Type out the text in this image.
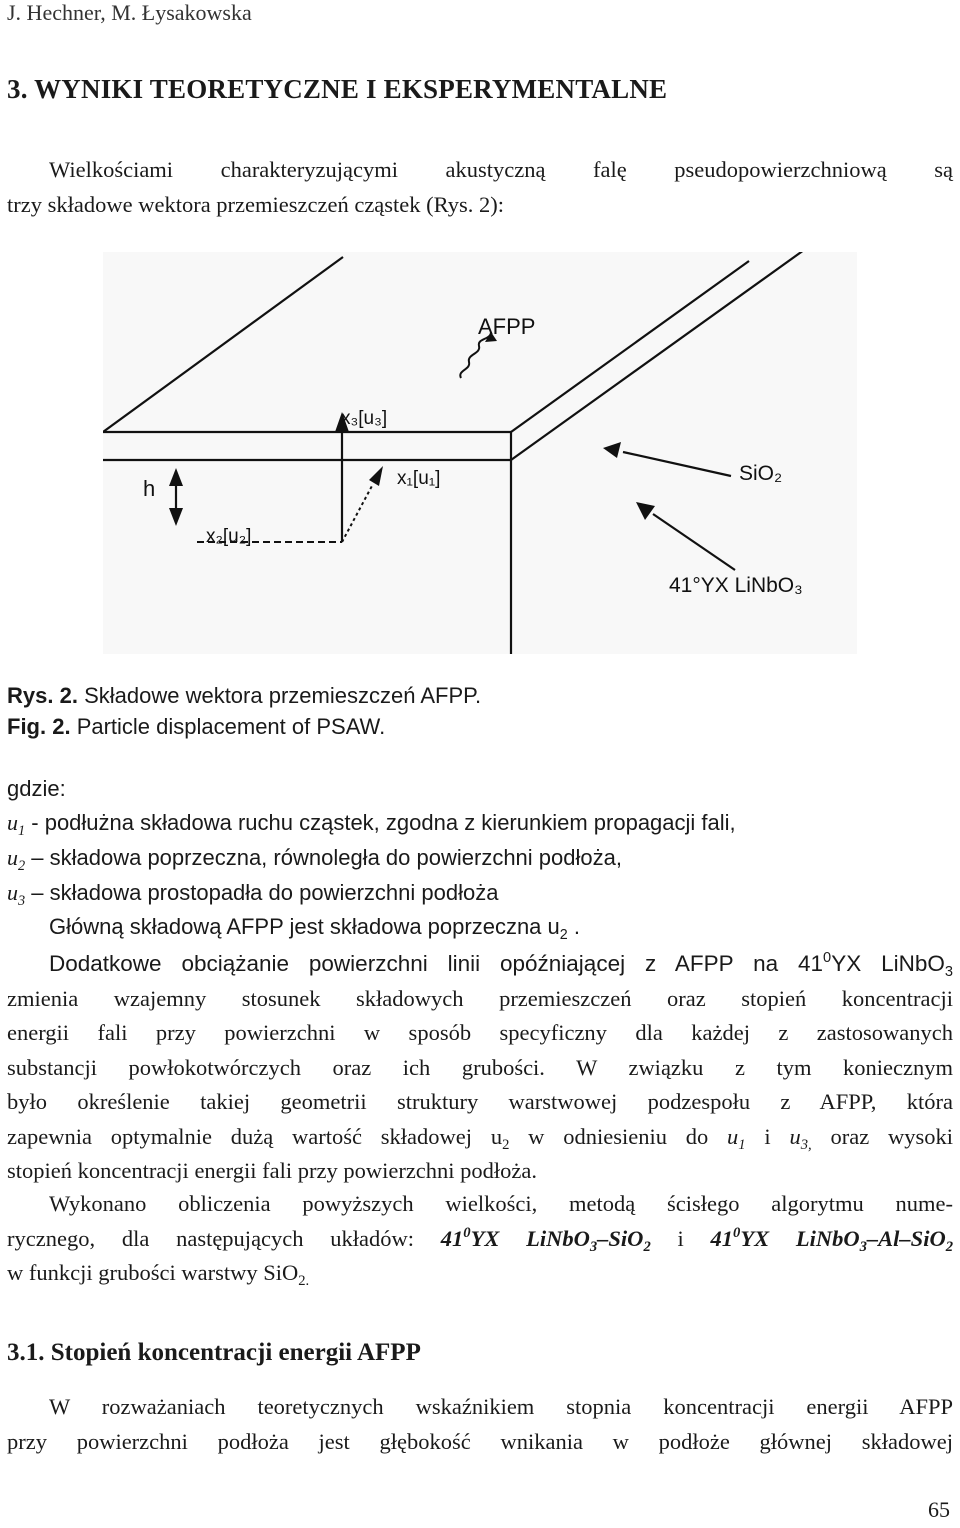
J. Hechner, M. Łysakowska
3. WYNIKI TEORETYCZNE I EKSPERYMENTALNE
Wielkościami charakteryzującymi akustyczną falę pseudopowierzchniową są
trzy składowe wektora przemieszczeń cząstek (Rys. 2):
AFPP
x₃[u₃]
x₁[u₁]
h
x₂[u₂]
SiO₂
41°YX LiNbO₃
Rys. 2. Składowe wektora przemieszczeń AFPP.
Fig. 2. Particle displacement of PSAW.
gdzie:
$u_1$ - podłużna składowa ruchu cząstek, zgodna z kierunkiem propagacji fali,
$u_2$ – składowa poprzeczna, równoległa do powierzchni podłoża,
$u_3$ – składowa prostopadła do powierzchni podłoża
Główną składową AFPP jest składowa poprzeczna $u_2$ .
Dodatkowe obciążanie powierzchni linii opóźniającej z AFPP na $41^0YX$ LiNbO$_3$
zmienia wzajemny stosunek składowych przemieszczeń oraz stopień koncentracji
energii fali przy powierzchni w sposób specyficzny dla każdej z zastosowanych
substancji powłokotwórczych oraz ich grubości. W związku z tym koniecznym
było określenie takiej geometrii struktury warstwowej podzespołu z AFPP, która
zapewnia optymalnie dużą wartość składowej $u_2$ w odniesieniu do $u_1$ i $u_{3,}$ oraz wysoki
stopień koncentracji energii fali przy powierzchni podłoża.
Wykonano obliczenia powyższych wielkości, metodą ścisłego algorytmu nume-
rycznego, dla następujących układów: $41^0YX$ LiNbO$_3$–SiO$_2$ i $41^0YX$ LiNbO$_3$–Al–SiO$_2$
w funkcji grubości warstwy SiO$_{2.}$
3.1. Stopień koncentracji energii AFPP
W rozważaniach teoretycznych wskaźnikiem stopnia koncentracji energii AFPP
przy powierzchni podłoża jest głębokość wnikania w podłoże głównej składowej
65
